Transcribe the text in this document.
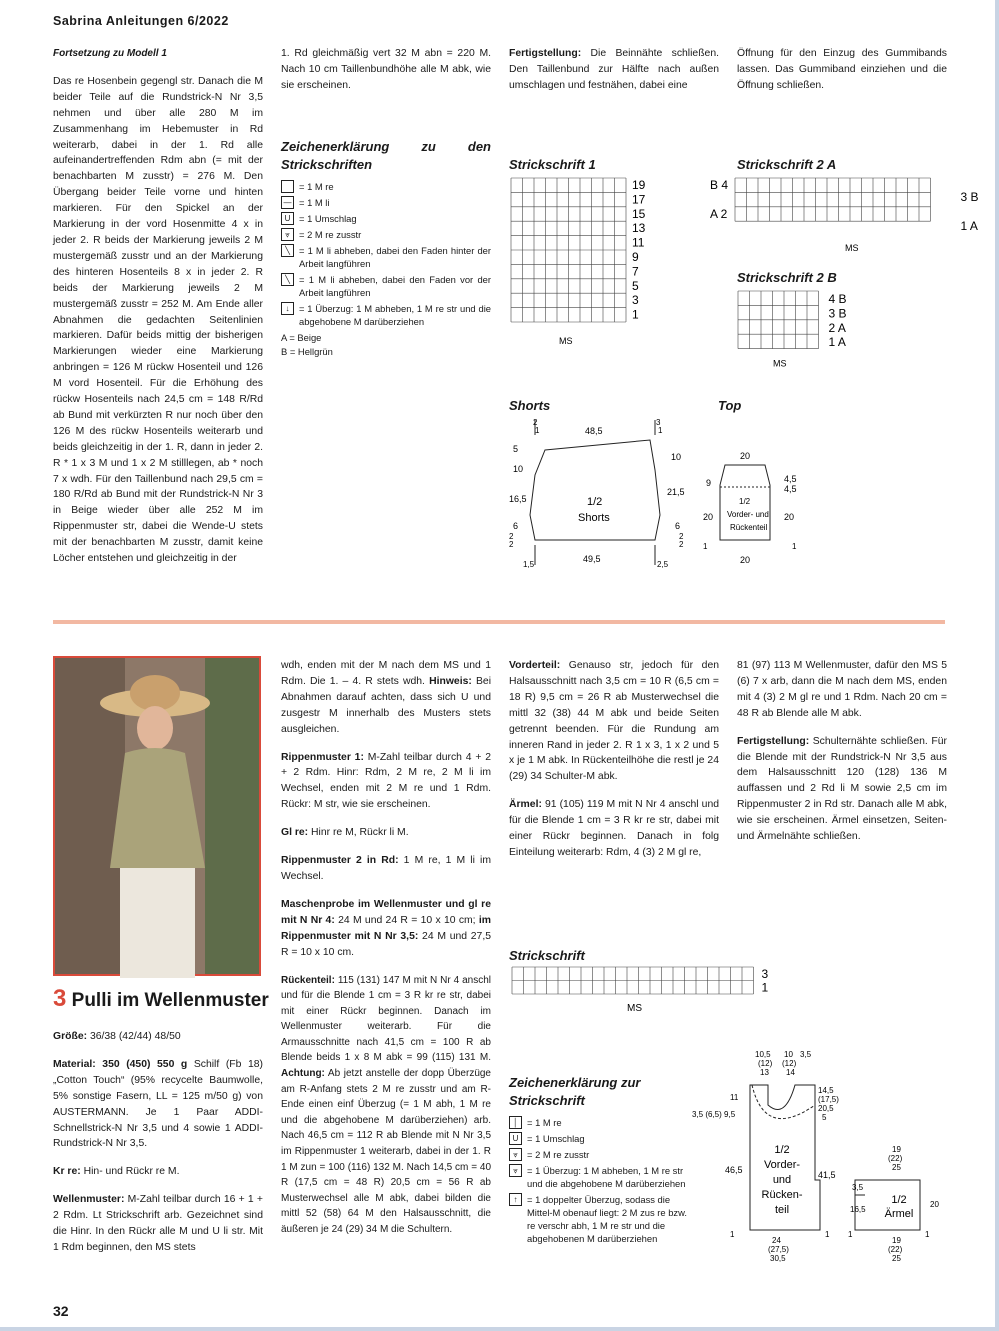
Sabrina Anleitungen 6/2022
Fortsetzung zu Modell 1
Das re Hosenbein gegengl str. Danach die M beider Teile auf die Rundstrick-N Nr 3,5 nehmen und über alle 280 M im Zusammenhang im Hebemuster in Rd weiterarb, dabei in der 1. Rd alle aufeinandertreffenden Rdm abn (= mit der benachbarten M zusstr) = 276 M. Den Übergang beider Teile vorne und hinten markieren. Für den Spickel an der Markierung in der vord Hosenmitte 4 x in jeder 2. R beids der Markierung jeweils 2 M mustergemäß zusstr und an der Markierung des hinteren Hosenteils 8 x in jeder 2. R beids der Markierung jeweils 2 M mustergemäß zusstr = 252 M. Am Ende aller Abnahmen die gedachten Seitenlinien markieren. Dafür beids mittig der bisherigen Markierungen wieder eine Markierung anbringen = 126 M rückw Hosenteil und 126 M vord Hosenteil. Für die Erhöhung des rückw Hosenteils nach 24,5 cm = 148 R/Rd ab Bund mit verkürzten R nur noch über den 126 M des rückw Hosenteils weiterarb und beids gleichzeitig in der 1. R, dann in jeder 2. R * 1 x 3 M und 1 x 2 M stilllegen, ab * noch 7 x wdh. Für den Taillenbund nach 29,5 cm = 180 R/Rd ab Bund mit der Rundstrick-N Nr 3 in Beige wieder über alle 252 M im Rippenmuster str, dabei die Wende-U stets mit der benachbarten M zusstr, damit keine Löcher entstehen und gleichzeitig in der

1. Rd gleichmäßig vert 32 M abn = 220 M. Nach 10 cm Taillenbundhöhe alle M abk, wie sie erscheinen.

Zeichenerklärung zu den Strickschriften
= 1 M re
— = 1 M li
U = 1 Umschlag
⩔ = 2 M re zusstr
╲ = 1 M li abheben, dabei den Faden hinter der Arbeit langführen
╲ = 1 M li abheben, dabei den Faden vor der Arbeit langführen
↓	= 1 Überzug: 1 M abheben, 1 M re str und die abgehobene M darüberziehen
A = Beige
B = Hellgrün
Fertigstellung: Die Beinnähte schließen. Den Taillenbund zur Hälfte nach außen umschlagen und festnähen, dabei eine
Öffnung für den Einzug des Gummibands lassen. Das Gummiband einziehen und die Öffnung schließen.
Strickschrift 1	Strickschrift 2 A
Strickschrift 2 B
Shorts	Top
19
17
15
13
11
9
7
5
3
1
MS
B 4
A 2
3 B
1 A
MS
4 B
3 B
2 A
1 A
MS
48,5
49,5
5
10
16,5
6
2
2
10
21,5
6
2
2
1,5	2,5
3
1
2
1
1/2
Shorts
20
20
9
20
4,5
4,5
20
1	1
1/2
Vorder- und
Rückenteil
3 Pulli im Wellenmuster

Größe: 36/38 (42/44) 48/50

Material: 350 (450) 550 g Schilf (Fb 18) „Cotton Touch“ (95% recycelte Baumwolle, 5% sonstige Fasern, LL = 125 m/50 g) von AUSTERMANN. Je 1 Paar ADDI-Schnellstrick-N Nr 3,5 und 4 sowie 1 ADDI-Rundstrick-N Nr 3,5.

Kr re: Hin- und Rückr re M.

Wellenmuster: M-Zahl teilbar durch 16 + 1 + 2 Rdm. Lt Strickschrift arb. Gezeichnet sind die Hinr. In den Rückr alle M und U li str. Mit 1 Rdm beginnen, den MS stets

wdh, enden mit der M nach dem MS und 1 Rdm. Die 1. – 4. R stets wdh. Hinweis: Bei Abnahmen darauf achten, dass sich U und zusgestr M innerhalb des Musters stets ausgleichen.

Rippenmuster 1: M-Zahl teilbar durch 4 + 2 + 2 Rdm. Hinr: Rdm, 2 M re, 2 M li im Wechsel, enden mit 2 M re und 1 Rdm. Rückr: M str, wie sie erscheinen.

Gl re: Hinr re M, Rückr li M.

Rippenmuster 2 in Rd: 1 M re, 1 M li im Wechsel.

Maschenprobe im Wellenmuster und gl re mit N Nr 4: 24 M und 24 R = 10 x 10 cm; im Rippenmuster mit N Nr 3,5: 24 M und 27,5 R = 10 x 10 cm.

Rückenteil: 115 (131) 147 M mit N Nr 4 anschl und für die Blende 1 cm = 3 R kr re str, dabei mit einer Rückr beginnen. Danach im Wellenmuster weiterarb. Für die Armausschnitte nach 41,5 cm = 100 R ab Blende beids 1 x 8 M abk = 99 (115) 131 M. Achtung: Ab jetzt anstelle der dopp Überzüge am R-Anfang stets 2 M re zusstr und am R-Ende einen einf Überzug (= 1 M abh, 1 M re und die abgehobene M darüberziehen) arb. Nach 46,5 cm = 112 R ab Blende mit N Nr 3,5 im Rippenmuster 1 weiterarb, dabei in der 1. R 1 M zun = 100 (116) 132 M. Nach 14,5 cm = 40 R (17,5 cm = 48 R) 20,5 cm = 56 R ab Musterwechsel alle M abk, dabei bilden die mittl 52 (58) 64 M den Halsausschnitt, die äußeren je 24 (29) 34 M die Schultern.

Vorderteil: Genauso str, jedoch für den Halsausschnitt nach 3,5 cm = 10 R (6,5 cm = 18 R) 9,5 cm = 26 R ab Musterwechsel die mittl 32 (38) 44 M abk und beide Seiten getrennt beenden. Für die Rundung am inneren Rand in jeder 2. R 1 x 3, 1 x 2 und 5 x je 1 M abk. In Rückenteilhöhe die restl je 24 (29) 34 Schulter-M abk.

Ärmel: 91 (105) 119 M mit N Nr 4 anschl und für die Blende 1 cm = 3 R kr re str, dabei mit einer Rückr beginnen. Danach in folg Einteilung weiterarb: Rdm, 4 (3) 2 M gl re,

81 (97) 113 M Wellenmuster, dafür den MS 5 (6) 7 x arb, dann die M nach dem MS, enden mit 4 (3) 2 M gl re und 1 Rdm. Nach 20 cm = 48 R ab Blende alle M abk.

Fertigstellung: Schulternähte schließen. Für die Blende mit der Rundstrick-N Nr 3,5 aus dem Halsausschnitt 120 (128) 136 M auffassen und 2 Rd li M sowie 2,5 cm im Rippenmuster 2 in Rd str. Danach alle M abk, wie sie erscheinen. Ärmel einsetzen, Seiten- und Ärmelnähte schließen.

Strickschrift
3
1
MS
Zeichenerklärung zur Strickschrift
│ = 1 M re
U = 1 Umschlag
⩔ = 2 M re zusstr
⩔ = 1 Überzug: 1 M abheben, 1 M re str und die abgehobene M darüberziehen
↑	= 1 doppelter Überzug, sodass die Mittel-M obenauf liegt: 2 M zus re bzw. re verschr abh, 1 M re str und die abgehobenen M darüberziehen
10,5
(12)
13
10
(12)
14
3,5
11
3,5 (6,5) 9,5
46,5
14,5
(17,5)
20,5
5
41,5
24
(27,5)
30,5
1	1
19
(22)
25
3,5
16,5
20
19
(22)
25
1	1
1/2
Vorder-
und
Rücken-
teil
1/2
Ärmel
32
